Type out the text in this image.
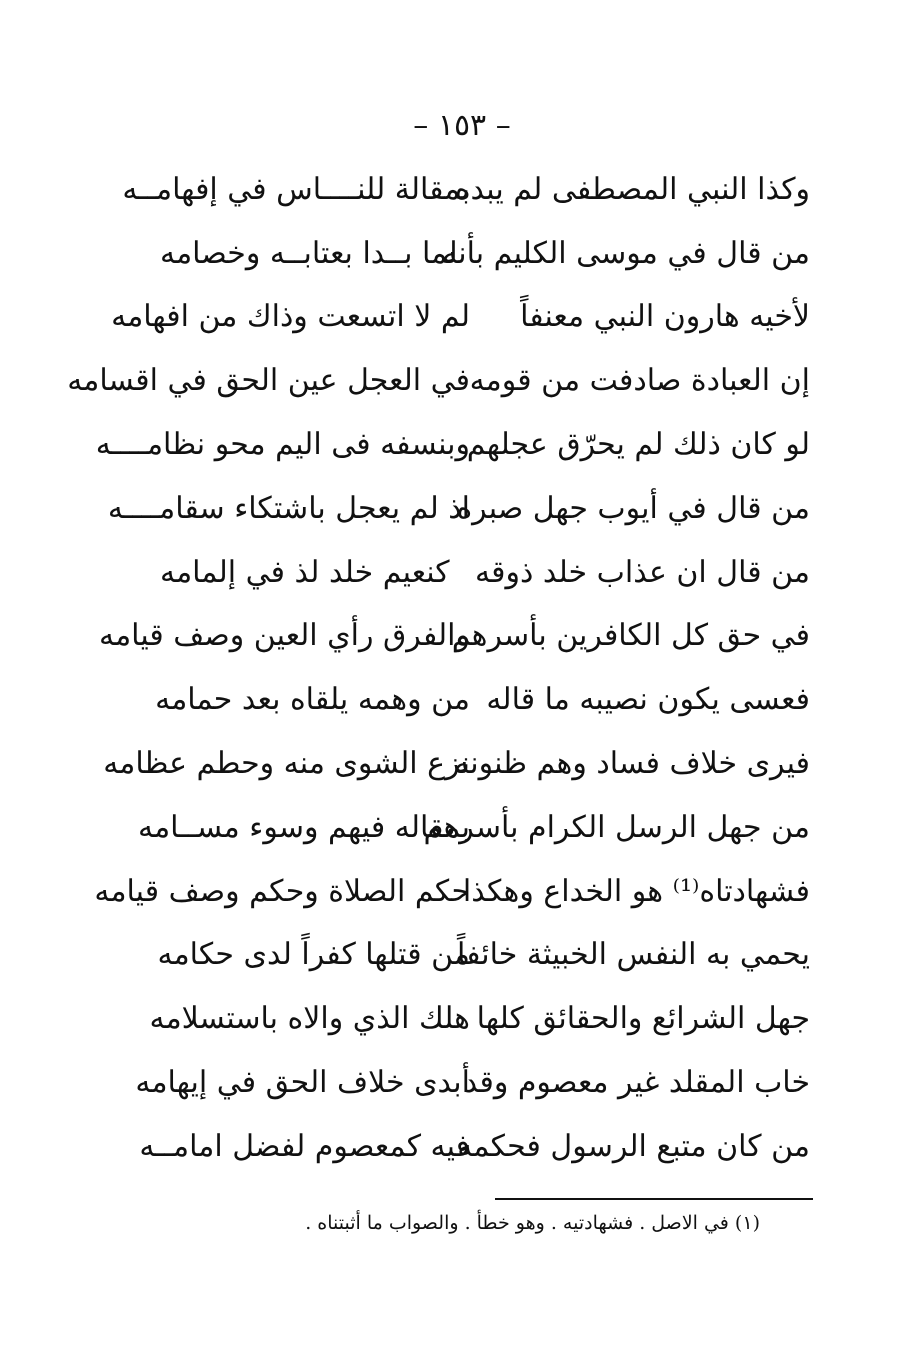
– ١٥٣ –
وكذا النبي المصطفى لم يبده
بمقالة للنــــاس في إفهامــه
من قال في موسى الكليم بأنه
لما بــدا بعتابــه وخصامه
لأخيه هارون النبي معنفاً
لم لا اتسعت وذاك من افهامه
إن العبادة صادفت من قومه
في العجل عين الحق في اقسامه
لو كان ذلك لم يحرّق عجلهم
وبنسفه فى اليم محو نظامــــه
من قال في أيوب جهل صبره
اذ لم يعجل باشتكاء سقامــــه
من قال ان عذاب خلد ذوقه
كنعيم خلد لذ في إلمامه
في حق كل الكافرين بأسرهم
والفرق رأي العين وصف قيامه
فعسى يكون نصيبه ما قاله
من وهمه يلقاه بعد حمامه
فيرى خلاف فساد وهم ظنونه
نزع الشوى منه وحطم عظامه
من جهل الرسل الكرام بأسرهم
بمقاله فيهم وسوء مســامه
فشهادتاه⁽¹⁾ هو الخداع وهكذا
حكم الصلاة وحكم وصف قيامه
يحمي به النفس الخبيثة خائفاً
من قتلها كفراً لدى حكامه
جهل الشرائع والحقائق كلها
هلك الذي والاه باستسلامه
خاب المقلد غير معصوم وقد
أبدى خلاف الحق في إيهامه
من كان متبع الرسول فحكمه
فيه كمعصوم لفضل امامــه
(١) في الاصل . فشهادتيه . وهو خطأ . والصواب ما أثبتناه .
